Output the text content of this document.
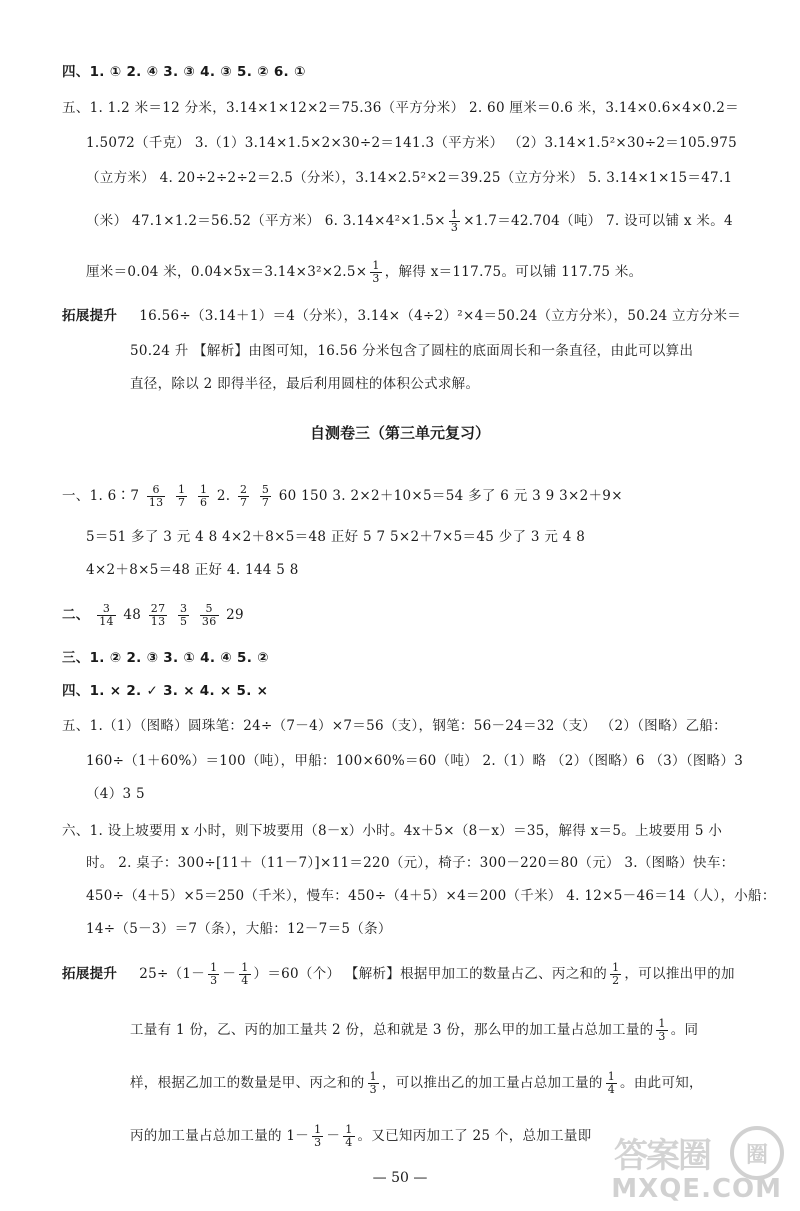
四、1. ① 2. ④ 3. ③ 4. ③ 5. ② 6. ①
五、1. 1.2 米＝12 分米，3.14×1×12×2＝75.36（平方分米） 2. 60 厘米＝0.6 米，3.14×0.6×4×0.2＝
1.5072（千克） 3.（1）3.14×1.5×2×30÷2＝141.3（平方米） （2）3.14×1.5²×30÷2＝105.975
（立方米） 4. 20÷2÷2÷2＝2.5（分米），3.14×2.5²×2＝39.25（立方分米） 5. 3.14×1×15＝47.1
（米） 47.1×1.2＝56.52（平方米） 6. $3.14\times 4^2\times 1.5\times \frac{1}{3} \times 1.7=42.704$（吨） 7. 设可以铺 x 米。4
厘米＝0.04 米，$0.04\times 5x=3.14\times 3^2\times 2.5\times \frac{1}{3}$ ，解得 x＝117.75。可以铺 117.75 米。
拓展提升 16.56÷（3.14＋1）＝4（分米），3.14×（4÷2）²×4＝50.24（立方分米），50.24 立方分米＝
50.24 升 【解析】由图可知，16.56 分米包含了圆柱的底面周长和一条直径，由此可以算出
直径，除以 2 即得半径，最后利用圆柱的体积公式求解。
自测卷三（第三单元复习）
一、1. 6∶7 $\frac{6}{13}$
$\frac{1}{7}$
$\frac{1}{6} 2$. $\frac{2}{7}$
$\frac{5}{7} 60$ 150 3. 2×2＋10×5＝54 多了 6 元 3 9 3×2＋9×
5＝51 多了 3 元 4 8 4×2＋8×5＝48 正好 5 7 5×2＋7×5＝45 少了 3 元 4 8
4×2＋8×5＝48 正好 4. 144 5 8
二、 $\frac{3}{14} 48 \frac{27}{13}$
$\frac{3}{5}$
$\frac{5}{36} 29$
三、1. ② 2. ③ 3. ① 4. ④ 5. ②
四、1. × 2. ✓ 3. × 4. × 5. ×
五、1.（1）（图略）圆珠笔：24÷（7－4）×7＝56（支），钢笔：56－24＝32（支） （2）（图略）乙船：
160÷（1＋60%）＝100（吨），甲船：100×60%＝60（吨） 2.（1）略 （2）（图略）6 （3）（图略）3
（4）3 5
六、1. 设上坡要用 x 小时，则下坡要用（8－x）小时。4x＋5×（8－x）＝35，解得 x＝5。上坡要用 5 小
时。 2. 桌子：300÷[11＋（11－7）]×11＝220（元），椅子：300－220＝80（元） 3.（图略）快车：
450÷（4＋5）×5＝250（千米），慢车：450÷（4＋5）×4＝200（千米） 4. 12×5－46＝14（人），小船：
14÷（5－3）＝7（条），大船：12－7＝5（条）
拓展提升 $25\div(1- \frac{1}{3} - \frac{1}{4} )=60$（个） 【解析】根据甲加工的数量占乙、丙之和的 $\frac{1}{2}$ ，可以推出甲的加
工量有 1 份，乙、丙的加工量共 2 份，总和就是 3 份，那么甲的加工量占总加工量的 $\frac{1}{3}$ 。同
样，根据乙加工的数量是甲、丙之和的 $\frac{1}{3}$ ，可以推出乙的加工量占总加工量的 $\frac{1}{4}$ 。由此可知，
丙的加工量占总加工量的 $1- \frac{1}{3} - \frac{1}{4}$ 。又已知丙加工了 25 个，总加工量即
— 50 —
答案圈	圈
MXQE.COM
